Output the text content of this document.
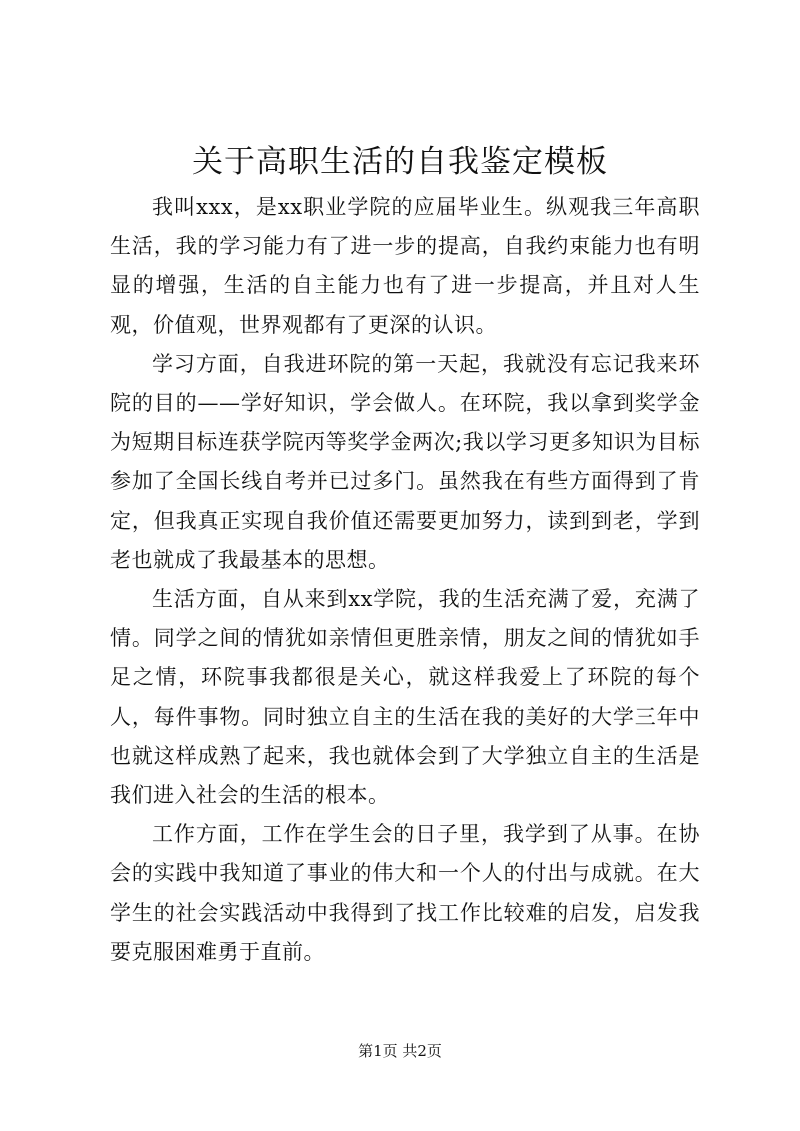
关于高职生活的自我鉴定模板

我叫xxx，是xx职业学院的应届毕业生。纵观我三年高职生活，我的学习能力有了进一步的提高，自我约束能力也有明显的增强，生活的自主能力也有了进一步提高，并且对人生观，价值观，世界观都有了更深的认识。

学习方面，自我进环院的第一天起，我就没有忘记我来环院的目的——学好知识，学会做人。在环院，我以拿到奖学金为短期目标连获学院丙等奖学金两次;我以学习更多知识为目标参加了全国长线自考并已过多门。虽然我在有些方面得到了肯定，但我真正实现自我价值还需要更加努力，读到到老，学到老也就成了我最基本的思想。

生活方面，自从来到xx学院，我的生活充满了爱，充满了情。同学之间的情犹如亲情但更胜亲情，朋友之间的情犹如手足之情，环院事我都很是关心，就这样我爱上了环院的每个人，每件事物。同时独立自主的生活在我的美好的大学三年中也就这样成熟了起来，我也就体会到了大学独立自主的生活是我们进入社会的生活的根本。

工作方面，工作在学生会的日子里，我学到了从事。在协会的实践中我知道了事业的伟大和一个人的付出与成就。在大学生的社会实践活动中我得到了找工作比较难的启发，启发我要克服困难勇于直前。

第1页 共2页
